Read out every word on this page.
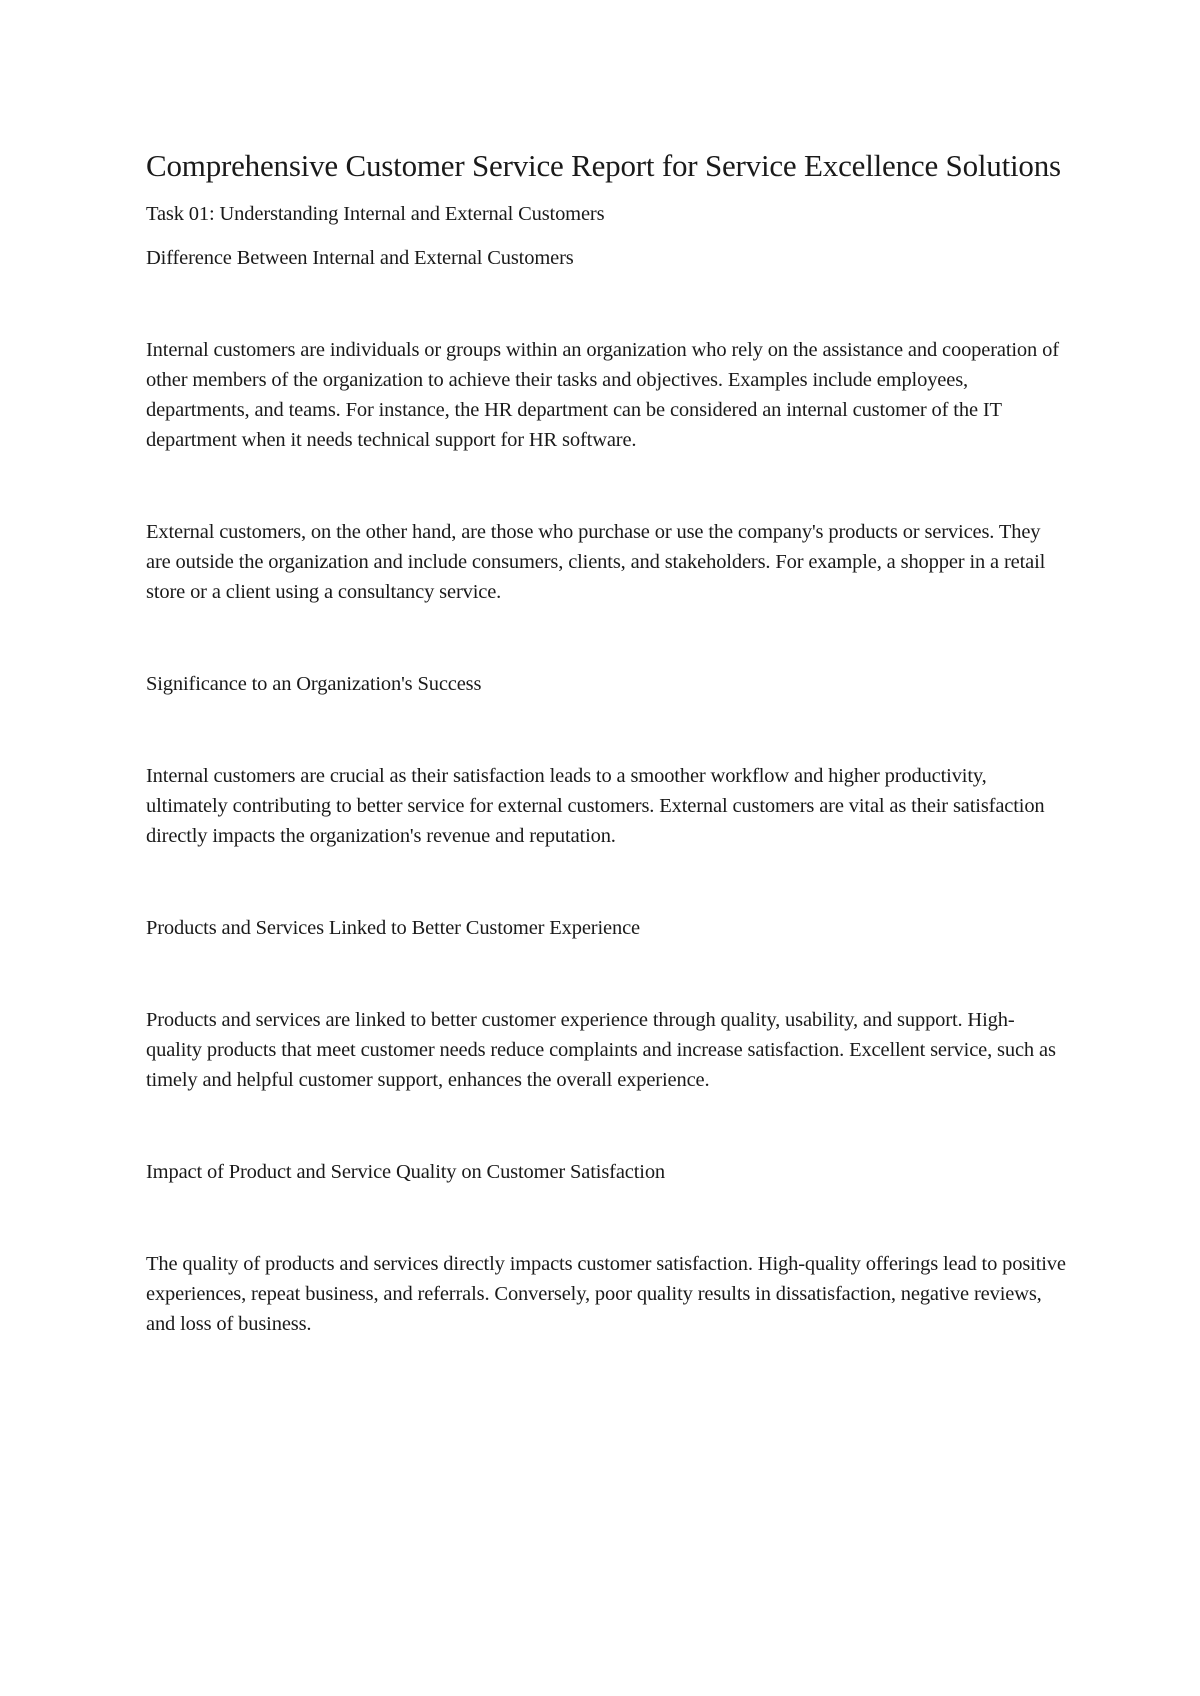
Comprehensive Customer Service Report for Service Excellence Solutions

Task 01: Understanding Internal and External Customers

Difference Between Internal and External Customers

Internal customers are individuals or groups within an organization who rely on the assistance and cooperation of other members of the organization to achieve their tasks and objectives. Examples include employees, departments, and teams. For instance, the HR department can be considered an internal customer of the IT department when it needs technical support for HR software.

External customers, on the other hand, are those who purchase or use the company's products or services. They are outside the organization and include consumers, clients, and stakeholders. For example, a shopper in a retail store or a client using a consultancy service.

Significance to an Organization's Success

Internal customers are crucial as their satisfaction leads to a smoother workflow and higher productivity, ultimately contributing to better service for external customers. External customers are vital as their satisfaction directly impacts the organization's revenue and reputation.

Products and Services Linked to Better Customer Experience

Products and services are linked to better customer experience through quality, usability, and support. High-quality products that meet customer needs reduce complaints and increase satisfaction. Excellent service, such as timely and helpful customer support, enhances the overall experience.

Impact of Product and Service Quality on Customer Satisfaction

The quality of products and services directly impacts customer satisfaction. High-quality offerings lead to positive experiences, repeat business, and referrals. Conversely, poor quality results in dissatisfaction, negative reviews, and loss of business.
